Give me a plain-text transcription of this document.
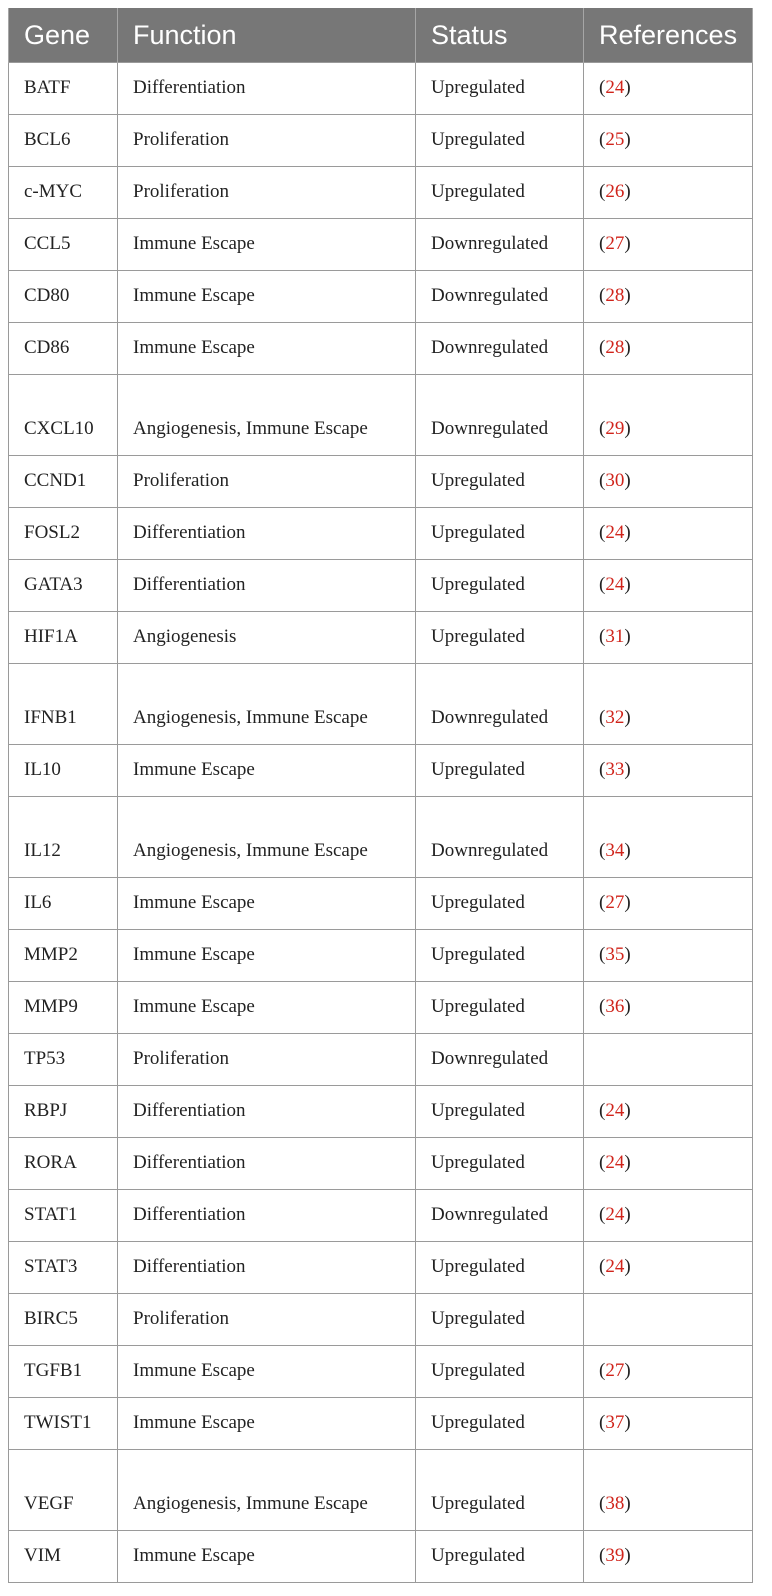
Gene	Function	Status	References
BATF	Differentiation	Upregulated	(24)
BCL6	Proliferation	Upregulated	(25)
c-MYC	Proliferation	Upregulated	(26)
CCL5	Immune Escape	Downregulated	(27)
CD80	Immune Escape	Downregulated	(28)
CD86	Immune Escape	Downregulated	(28)
CXCL10	Angiogenesis, Immune Escape	Downregulated	(29)
CCND1	Proliferation	Upregulated	(30)
FOSL2	Differentiation	Upregulated	(24)
GATA3	Differentiation	Upregulated	(24)
HIF1A	Angiogenesis	Upregulated	(31)
IFNB1	Angiogenesis, Immune Escape	Downregulated	(32)
IL10	Immune Escape	Upregulated	(33)
IL12	Angiogenesis, Immune Escape	Downregulated	(34)
IL6	Immune Escape	Upregulated	(27)
MMP2	Immune Escape	Upregulated	(35)
MMP9	Immune Escape	Upregulated	(36)
TP53	Proliferation	Downregulated	
RBPJ	Differentiation	Upregulated	(24)
RORA	Differentiation	Upregulated	(24)
STAT1	Differentiation	Downregulated	(24)
STAT3	Differentiation	Upregulated	(24)
BIRC5	Proliferation	Upregulated	
TGFB1	Immune Escape	Upregulated	(27)
TWIST1	Immune Escape	Upregulated	(37)
VEGF	Angiogenesis, Immune Escape	Upregulated	(38)
VIM	Immune Escape	Upregulated	(39)
